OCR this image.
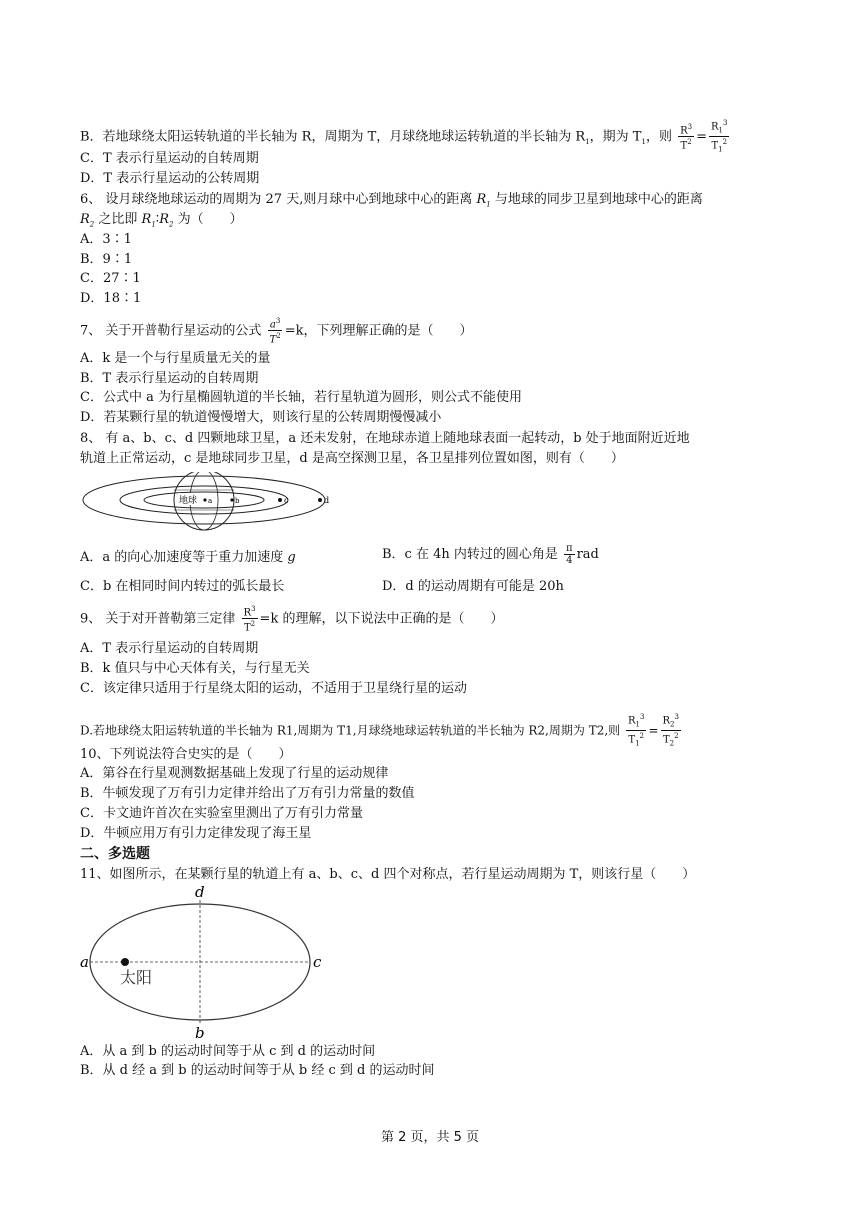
B．若地球绕太阳运转轨道的半长轴为 R，周期为 T，月球绕地球运转轨道的半长轴为 $R_1$，期为 $T_1$，则 $\frac{R^3}{T^2} = \frac{R_1^3}{T_1^2}$
C．T 表示行星运动的自转周期
D．T 表示行星运动的公转周期
6、 设月球绕地球运动的周期为 27 天,则月球中心到地球中心的距离 $R_1$ 与地球的同步卫星到地球中心的距离
$R_2$ 之比即 $R_1∶R_2$ 为（　　）
A．3∶1
B．9∶1
C．27∶1
D．18∶1
7、 关于开普勒行星运动的公式 $\frac{a^3}{T^2} =k$，下列理解正确的是（　　）
A．k 是一个与行星质量无关的量
B．T 表示行星运动的自转周期
C．公式中 a 为行星椭圆轨道的半长轴，若行星轨道为圆形，则公式不能使用
D．若某颗行星的轨道慢慢增大，则该行星的公转周期慢慢减小
8、 有 a、b、c、d 四颗地球卫星，a 还未发射，在地球赤道上随地球表面一起转动，b 处于地面附近近地
轨道上正常运动，c 是地球同步卫星，d 是高空探测卫星，各卫星排列位置如图，则有（　　）
地球 a	b	c	d
A．a 的向心加速度等于重力加速度 g	B．c 在 4h 内转过的圆心角是 $\frac{\pi}{4}$ rad
C．b 在相同时间内转过的弧长最长	D．d 的运动周期有可能是 20h
9、 关于对开普勒第三定律 $\frac{R^3}{T^2} =k$ 的理解，以下说法中正确的是（　　）
A．T 表示行星运动的自转周期
B．k 值只与中心天体有关，与行星无关
C．该定律只适用于行星绕太阳的运动，不适用于卫星绕行星的运动
D.若地球绕太阳运转轨道的半长轴为 R1,周期为 T1,月球绕地球运转轨道的半长轴为 R2,周期为 T2,则 $\frac{R_1^3}{T_1^2} = \frac{R_2^3}{T_2^2}$
10、下列说法符合史实的是（　　）
A．第谷在行星观测数据基础上发现了行星的运动规律
B．牛顿发现了万有引力定律并给出了万有引力常量的数值
C．卡文迪许首次在实验室里测出了万有引力常量
D．牛顿应用万有引力定律发现了海王星
二、多选题
11、如图所示，在某颗行星的轨道上有 a、b、c、d 四个对称点，若行星运动周期为 T，则该行星（　　）
太阳
a
b
c
d
A．从 a 到 b 的运动时间等于从 c 到 d 的运动时间
B．从 d 经 a 到 b 的运动时间等于从 b 经 c 到 d 的运动时间
第 2 页，共 5 页
